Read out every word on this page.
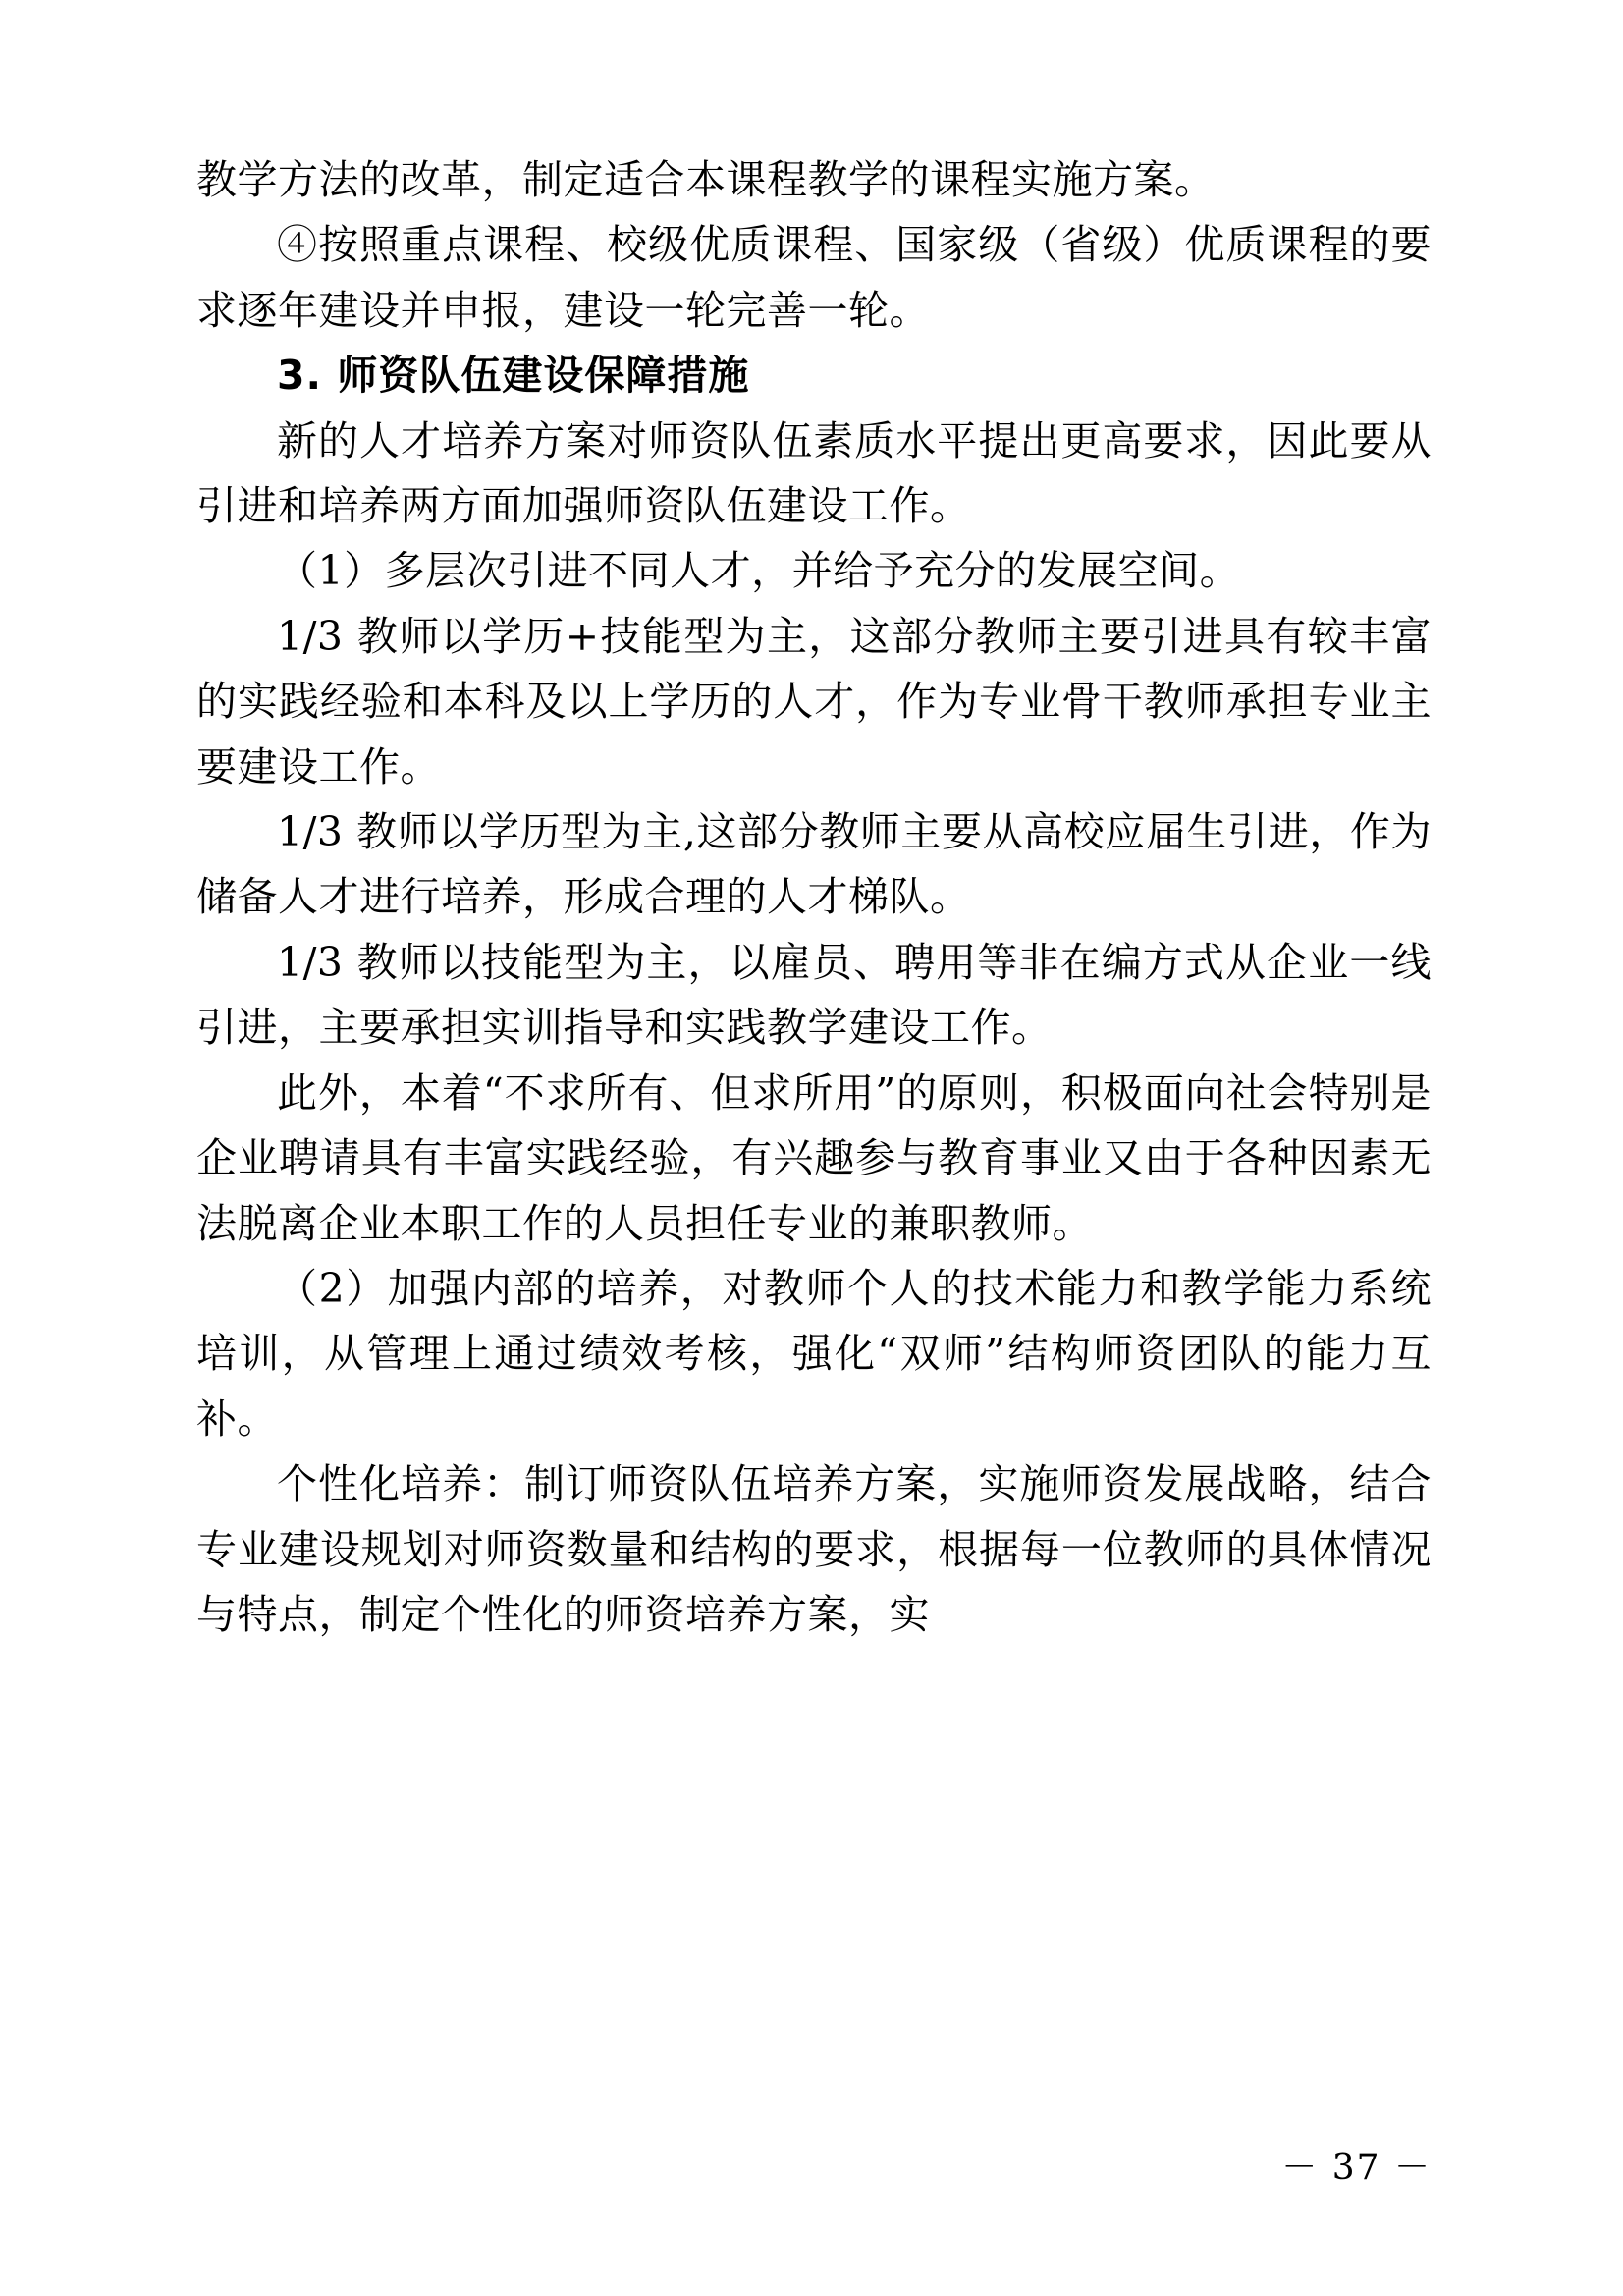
教学方法的改革，制定适合本课程教学的课程实施方案。

④按照重点课程、校级优质课程、国家级（省级）优质课程的要求逐年建设并申报，建设一轮完善一轮。

3. 师资队伍建设保障措施

新的人才培养方案对师资队伍素质水平提出更高要求，因此要从引进和培养两方面加强师资队伍建设工作。

（1）多层次引进不同人才，并给予充分的发展空间。

1/3 教师以学历+技能型为主，这部分教师主要引进具有较丰富的实践经验和本科及以上学历的人才，作为专业骨干教师承担专业主要建设工作。

1/3 教师以学历型为主,这部分教师主要从高校应届生引进，作为储备人才进行培养，形成合理的人才梯队。

1/3 教师以技能型为主，以雇员、聘用等非在编方式从企业一线引进，主要承担实训指导和实践教学建设工作。

此外，本着“不求所有、但求所用”的原则，积极面向社会特别是企业聘请具有丰富实践经验，有兴趣参与教育事业又由于各种因素无法脱离企业本职工作的人员担任专业的兼职教师。

（2）加强内部的培养，对教师个人的技术能力和教学能力系统培训，从管理上通过绩效考核，强化“双师”结构师资团队的能力互补。

个性化培养：制订师资队伍培养方案，实施师资发展战略，结合专业建设规划对师资数量和结构的要求，根据每一位教师的具体情况与特点，制定个性化的师资培养方案，实

－ 37 －
